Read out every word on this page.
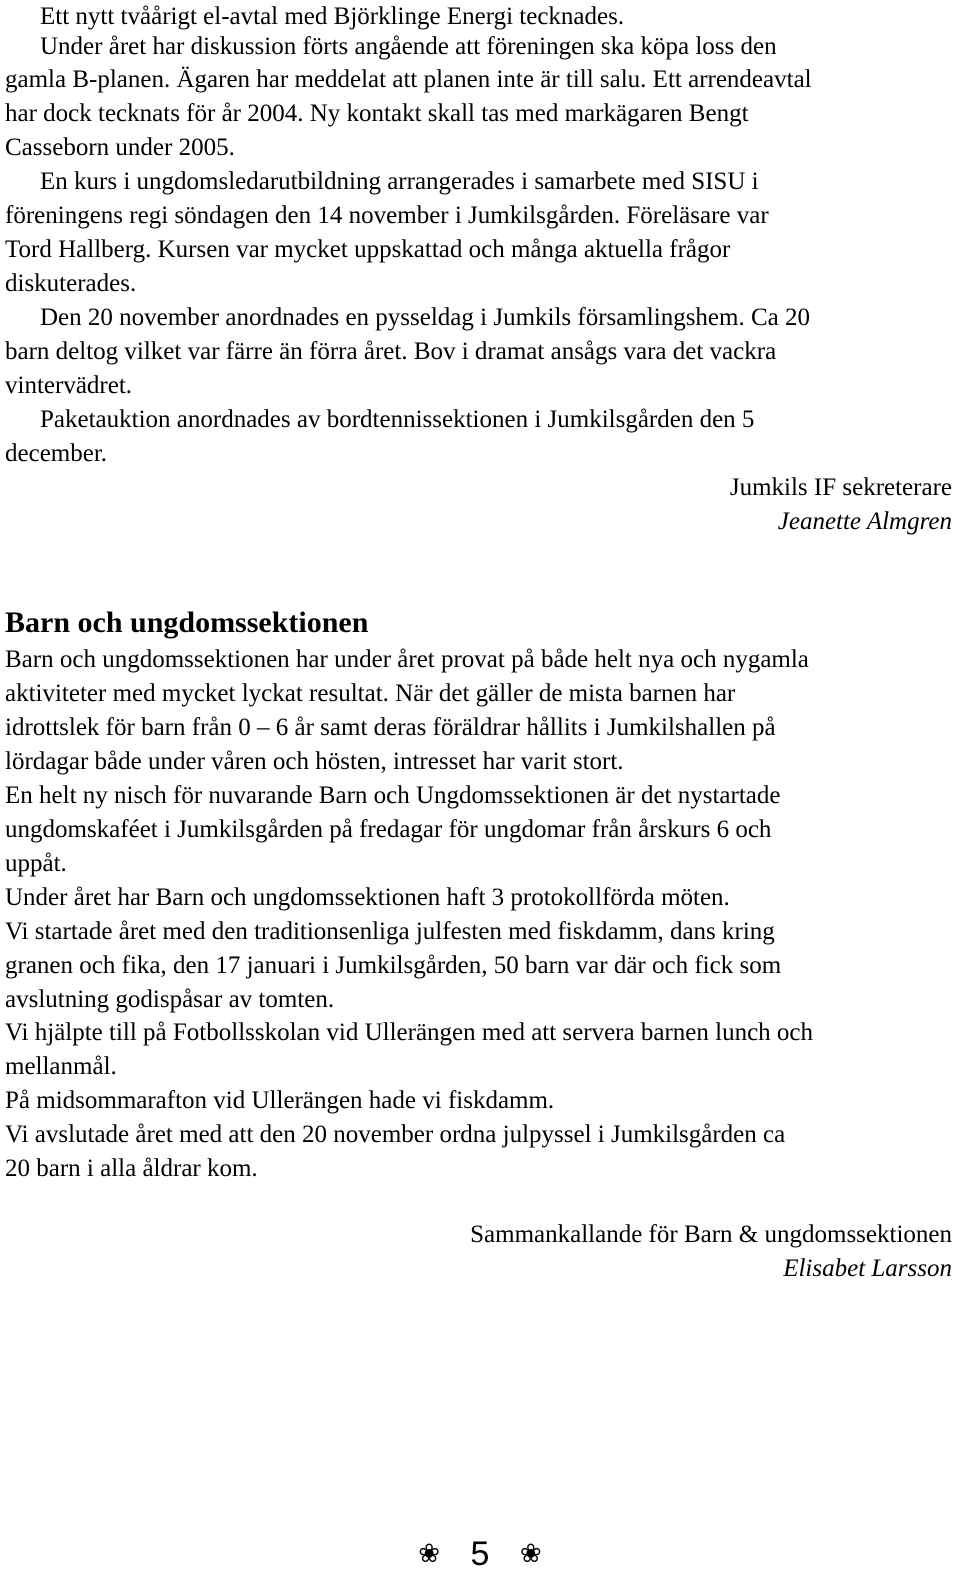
Ett nytt tvåårigt el-avtal med Björklinge Energi tecknades.
Under året har diskussion förts angående att föreningen ska köpa loss den
gamla B-planen. Ägaren har meddelat att planen inte är till salu. Ett arrendeavtal
har dock tecknats för år 2004. Ny kontakt skall tas med markägaren Bengt
Casseborn under 2005.
En kurs i ungdomsledarutbildning arrangerades i samarbete med SISU i
föreningens regi söndagen den 14 november i Jumkilsgården. Föreläsare var
Tord Hallberg. Kursen var mycket uppskattad och många aktuella frågor
diskuterades.
Den 20 november anordnades en pysseldag i Jumkils församlingshem. Ca 20
barn deltog vilket var färre än förra året. Bov i dramat ansågs vara det vackra
vintervädret.
Paketauktion anordnades av bordtennissektionen i Jumkilsgården den 5
december.
Jumkils IF sekreterare
Jeanette Almgren
Barn och ungdomssektionen
Barn och ungdomssektionen har under året provat på både helt nya och nygamla
aktiviteter med mycket lyckat resultat. När det gäller de mista barnen har
idrottslek för barn från 0 – 6 år samt deras föräldrar hållits i Jumkilshallen på
lördagar både under våren och hösten, intresset har varit stort.
En helt ny nisch för nuvarande Barn och Ungdomssektionen är det nystartade
ungdomskaféet i Jumkilsgården på fredagar för ungdomar från årskurs 6 och
uppåt.
Under året har Barn och ungdomssektionen haft 3 protokollförda möten.
Vi startade året med den traditionsenliga julfesten med fiskdamm, dans kring
granen och fika, den 17 januari i Jumkilsgården, 50 barn var där och fick som
avslutning godispåsar av tomten.
Vi hjälpte till på Fotbollsskolan vid Ullerängen med att servera barnen lunch och
mellanmål.
På midsommarafton vid Ullerängen hade vi fiskdamm.
Vi avslutade året med att den 20 november ordna julpyssel i Jumkilsgården ca
20 barn i alla åldrar kom.
Sammankallande för Barn & ungdomssektionen
Elisabet Larsson
❀ 5 ❀
